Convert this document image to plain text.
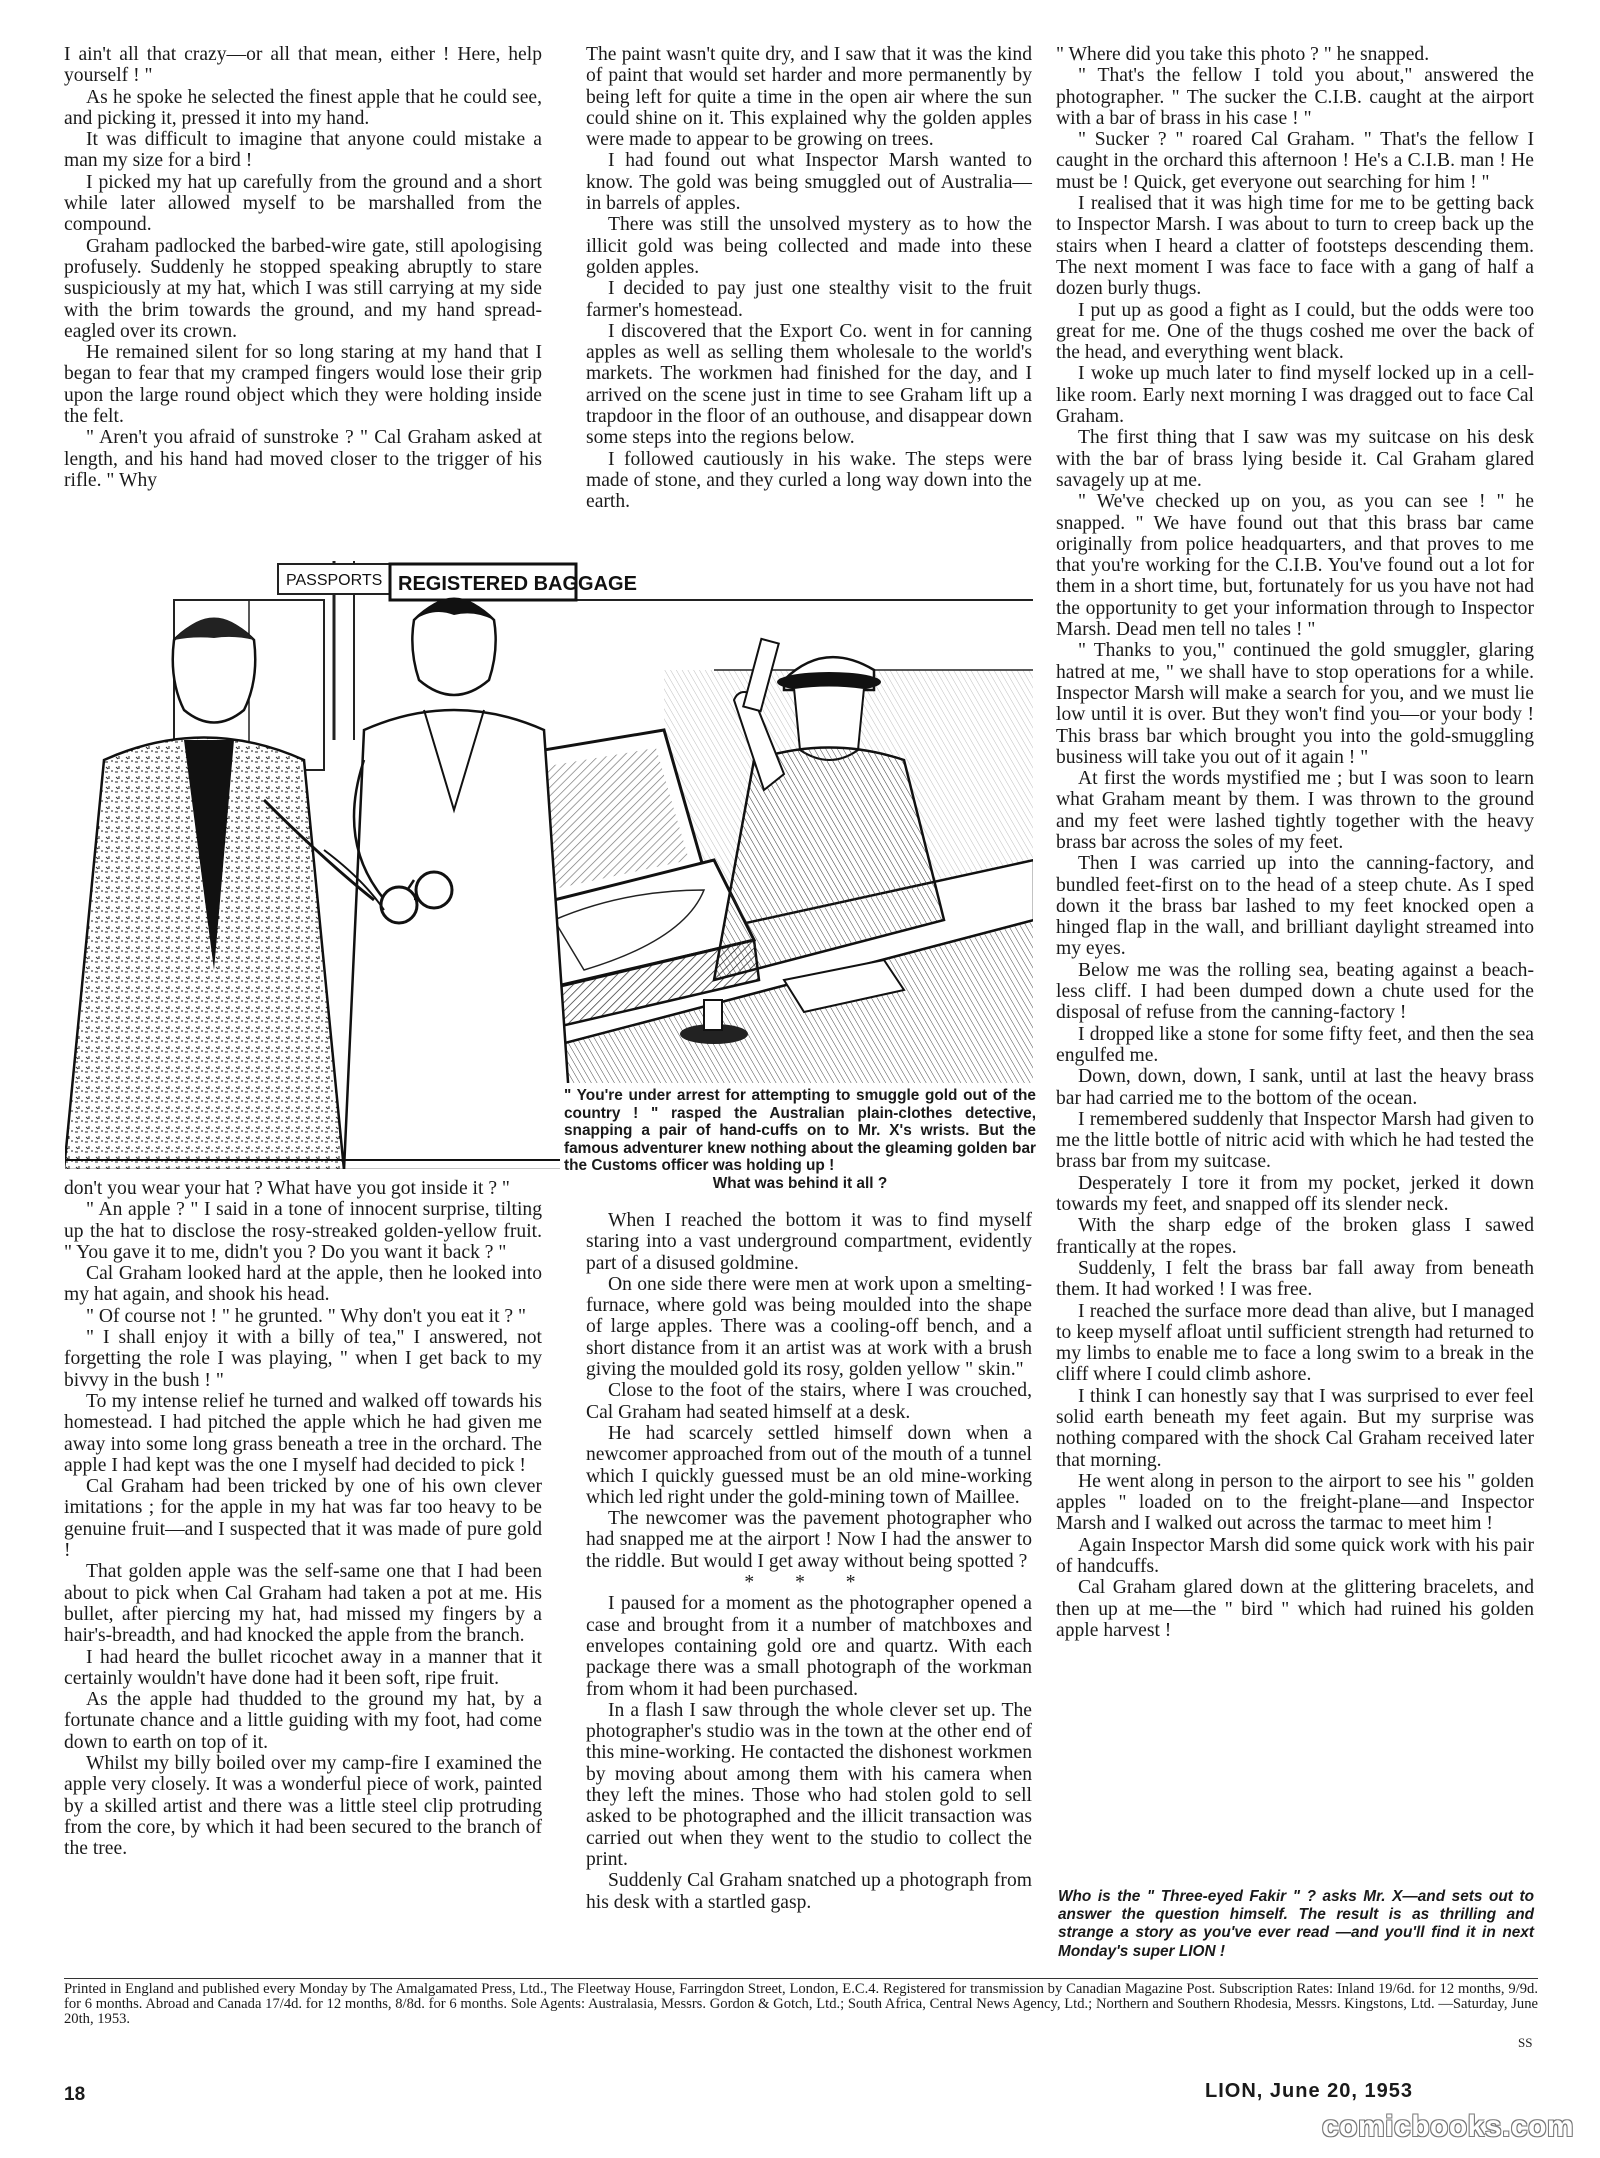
I ain't all that crazy—or all that mean, either ! Here, help yourself ! "

As he spoke he selected the finest apple that he could see, and picking it, pressed it into my hand.

It was difficult to imagine that anyone could mistake a man my size for a bird !

I picked my hat up carefully from the ground and a short while later allowed myself to be marshalled from the compound.

Graham padlocked the barbed-wire gate, still apologising profusely. Suddenly he stopped speaking abruptly to stare suspiciously at my hat, which I was still carrying at my side with the brim towards the ground, and my hand spread-eagled over its crown.

He remained silent for so long staring at my hand that I began to fear that my cramped fingers would lose their grip upon the large round object which they were holding inside the felt.

" Aren't you afraid of sunstroke ? " Cal Graham asked at length, and his hand had moved closer to the trigger of his rifle. " Why

The paint wasn't quite dry, and I saw that it was the kind of paint that would set harder and more permanently by being left for quite a time in the open air where the sun could shine on it. This explained why the golden apples were made to appear to be growing on trees.

I had found out what Inspector Marsh wanted to know. The gold was being smuggled out of Australia—in barrels of apples.

There was still the unsolved mystery as to how the illicit gold was being collected and made into these golden apples.

I decided to pay just one stealthy visit to the fruit farmer's homestead.

I discovered that the Export Co. went in for canning apples as well as selling them wholesale to the world's markets. The workmen had finished for the day, and I arrived on the scene just in time to see Graham lift up a trapdoor in the floor of an outhouse, and disappear down some steps into the regions below.

I followed cautiously in his wake. The steps were made of stone, and they curled a long way down into the earth.

" Where did you take this photo ? " he snapped.

" That's the fellow I told you about," answered the photographer. " The sucker the C.I.B. caught at the airport with a bar of brass in his case ! "

" Sucker ? " roared Cal Graham. " That's the fellow I caught in the orchard this afternoon ! He's a C.I.B. man ! He must be ! Quick, get everyone out searching for him ! "

I realised that it was high time for me to be getting back to Inspector Marsh. I was about to turn to creep back up the stairs when I heard a clatter of footsteps descending them. The next moment I was face to face with a gang of half a dozen burly thugs.

I put up as good a fight as I could, but the odds were too great for me. One of the thugs coshed me over the back of the head, and everything went black.

I woke up much later to find myself locked up in a cell-like room. Early next morning I was dragged out to face Cal Graham.

The first thing that I saw was my suitcase on his desk with the bar of brass lying beside it. Cal Graham glared savagely up at me.

" We've checked up on you, as you can see ! " he snapped. " We have found out that this brass bar came originally from police headquarters, and that proves to me that you're working for the C.I.B. You've found out a lot for them in a short time, but, fortunately for us you have not had the opportunity to get your information through to Inspector Marsh. Dead men tell no tales ! "

" Thanks to you," continued the gold smuggler, glaring hatred at me, " we shall have to stop operations for a while. Inspector Marsh will make a search for you, and we must lie low until it is over. But they won't find you—or your body ! This brass bar which brought you into the gold-smuggling business will take you out of it again ! "

At first the words mystified me ; but I was soon to learn what Graham meant by them. I was thrown to the ground and my feet were lashed tightly together with the heavy brass bar across the soles of my feet.

Then I was carried up into the canning-factory, and bundled feet-first on to the head of a steep chute. As I sped down it the brass bar lashed to my feet knocked open a hinged flap in the wall, and brilliant daylight streamed into my eyes.

Below me was the rolling sea, beating against a beach-less cliff. I had been dumped down a chute used for the disposal of refuse from the canning-factory !

I dropped like a stone for some fifty feet, and then the sea engulfed me.

Down, down, down, I sank, until at last the heavy brass bar had carried me to the bottom of the ocean.

I remembered suddenly that Inspector Marsh had given to me the little bottle of nitric acid with which he had tested the brass bar from my suitcase.

Desperately I tore it from my pocket, jerked it down towards my feet, and snapped off its slender neck.

With the sharp edge of the broken glass I sawed frantically at the ropes.

Suddenly, I felt the brass bar fall away from beneath them. It had worked ! I was free.

I reached the surface more dead than alive, but I managed to keep myself afloat until sufficient strength had returned to my limbs to enable me to face a long swim to a break in the cliff where I could climb ashore.

I think I can honestly say that I was surprised to ever feel solid earth beneath my feet again. But my surprise was nothing compared with the shock Cal Graham received later that morning.

He went along in person to the airport to see his " golden apples " loaded on to the freight-plane—and Inspector Marsh and I walked out across the tarmac to meet him !

Again Inspector Marsh did some quick work with his pair of handcuffs.

Cal Graham glared down at the glittering bracelets, and then up at me—the " bird " which had ruined his golden apple harvest !

PASSPORTS REGISTERED BAGGAGE
" You're under arrest for attempting to smuggle gold out of the country ! " rasped the Australian plain-clothes detective, snapping a pair of hand-cuffs on to Mr. X's wrists. But the famous adventurer knew nothing about the gleaming golden bar the Customs officer was holding up !
What was behind it all ?

don't you wear your hat ? What have you got inside it ? "

" An apple ? " I said in a tone of innocent surprise, tilting up the hat to disclose the rosy-streaked golden-yellow fruit. " You gave it to me, didn't you ? Do you want it back ? "

Cal Graham looked hard at the apple, then he looked into my hat again, and shook his head.

" Of course not ! " he grunted. " Why don't you eat it ? "

" I shall enjoy it with a billy of tea," I answered, not forgetting the role I was playing, " when I get back to my bivvy in the bush ! "

To my intense relief he turned and walked off towards his homestead. I had pitched the apple which he had given me away into some long grass beneath a tree in the orchard. The apple I had kept was the one I myself had decided to pick !

Cal Graham had been tricked by one of his own clever imitations ; for the apple in my hat was far too heavy to be genuine fruit—and I suspected that it was made of pure gold !

That golden apple was the self-same one that I had been about to pick when Cal Graham had taken a pot at me. His bullet, after piercing my hat, had missed my fingers by a hair's-breadth, and had knocked the apple from the branch.

I had heard the bullet ricochet away in a manner that it certainly wouldn't have done had it been soft, ripe fruit.

As the apple had thudded to the ground my hat, by a fortunate chance and a little guiding with my foot, had come down to earth on top of it.

Whilst my billy boiled over my camp-fire I examined the apple very closely. It was a wonderful piece of work, painted by a skilled artist and there was a little steel clip protruding from the core, by which it had been secured to the branch of the tree.

When I reached the bottom it was to find myself staring into a vast underground compartment, evidently part of a disused goldmine.

On one side there were men at work upon a smelting-furnace, where gold was being moulded into the shape of large apples. There was a cooling-off bench, and a short distance from it an artist was at work with a brush giving the moulded gold its rosy, golden yellow " skin."

Close to the foot of the stairs, where I was crouched, Cal Graham had seated himself at a desk.

He had scarcely settled himself down when a newcomer approached from out of the mouth of a tunnel which I quickly guessed must be an old mine-working which led right under the gold-mining town of Maillee.

The newcomer was the pavement photographer who had snapped me at the airport ! Now I had the answer to the riddle. But would I get away without being spotted ?

* * *

I paused for a moment as the photographer opened a case and brought from it a number of matchboxes and envelopes containing gold ore and quartz. With each package there was a small photograph of the workman from whom it had been purchased.

In a flash I saw through the whole clever set up. The photographer's studio was in the town at the other end of this mine-working. He contacted the dishonest workmen by moving about among them with his camera when they left the mines. Those who had stolen gold to sell asked to be photographed and the illicit transaction was carried out when they went to the studio to collect the print.

Suddenly Cal Graham snatched up a photograph from his desk with a startled gasp.	Who is the " Three-eyed Fakir " ? asks Mr. X—and sets out to answer the question himself. The result is as thrilling and strange a story as you've ever read —and you'll find it in next Monday's super LION !
Printed in England and published every Monday by The Amalgamated Press, Ltd., The Fleetway House, Farringdon Street, London, E.C.4. Registered for transmission by Canadian Magazine Post. Subscription Rates: Inland 19/6d. for 12 months, 9/9d. for 6 months. Abroad and Canada 17/4d. for 12 months, 8/8d. for 6 months. Sole Agents: Australasia, Messrs. Gordon & Gotch, Ltd.; South Africa, Central News Agency, Ltd.; Northern and Southern Rhodesia, Messrs. Kingstons, Ltd. —Saturday, June 20th, 1953.
SS
18	LION, June 20, 1953
comicbooks.com
